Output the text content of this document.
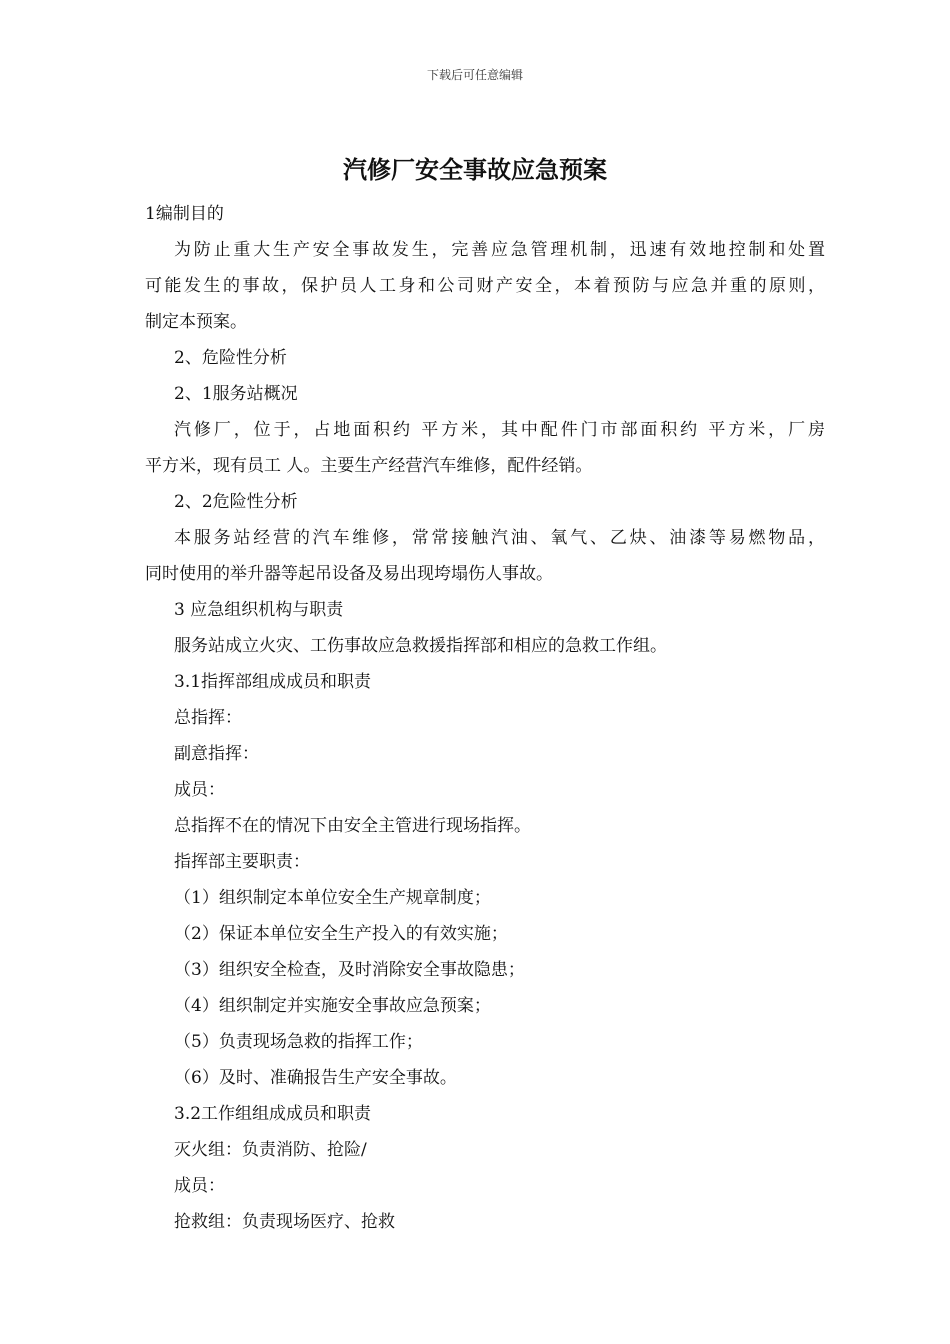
下载后可任意编辑
汽修厂安全事故应急预案
1编制目的
为防止重大生产安全事故发生，完善应急管理机制，迅速有效地控制和处置
可能发生的事故，保护员人工身和公司财产安全，本着预防与应急并重的原则，
制定本预案。
2、危险性分析
2、1服务站概况
汽修厂，位于，占地面积约 平方米，其中配件门市部面积约 平方米，厂房
平方米，现有员工 人。主要生产经营汽车维修，配件经销。
2、2危险性分析
本服务站经营的汽车维修，常常接触汽油、氧气、乙炔、油漆等易燃物品，
同时使用的举升器等起吊设备及易出现垮塌伤人事故。
3 应急组织机构与职责
服务站成立火灾、工伤事故应急救援指挥部和相应的急救工作组。
3.1指挥部组成成员和职责
总指挥：
副意指挥：
成员：
总指挥不在的情况下由安全主管进行现场指挥。
指挥部主要职责：
（1）组织制定本单位安全生产规章制度；
（2）保证本单位安全生产投入的有效实施；
（3）组织安全检查，及时消除安全事故隐患；
（4）组织制定并实施安全事故应急预案；
（5）负责现场急救的指挥工作；
（6）及时、准确报告生产安全事故。
3.2工作组组成成员和职责
灭火组：负责消防、抢险/
成员：
抢救组：负责现场医疗、抢救
